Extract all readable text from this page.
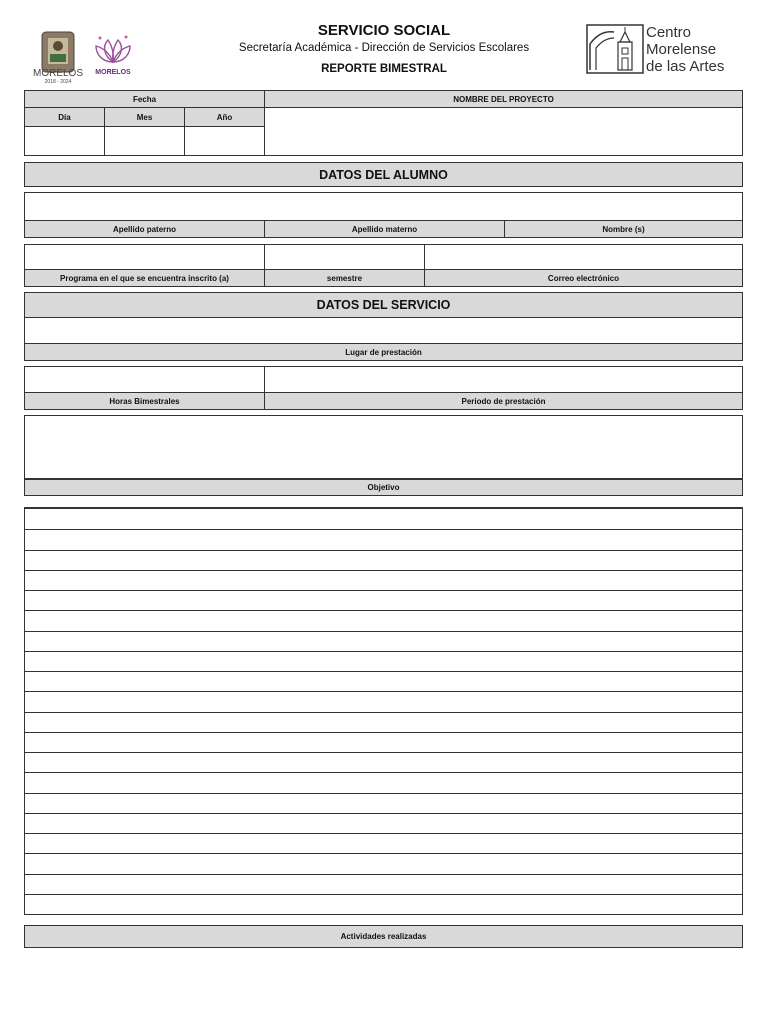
MORELOS
2018 - 2024
MORELOS
SERVICIO SOCIAL
Secretaría Académica - Dirección de Servicios Escolares
REPORTE BIMESTRAL
Centro
Morelense
de las Artes
Fecha	NOMBRE DEL PROYECTO
Día	Mes	Año
DATOS DEL ALUMNO
Apellido paterno	Apellido materno	Nombre (s)
Programa en el que se encuentra inscrito (a)	semestre	Correo electrónico
DATOS DEL SERVICIO
Lugar de prestación
Horas Bimestrales	Periodo de prestación
Objetivo
Actividades realizadas
